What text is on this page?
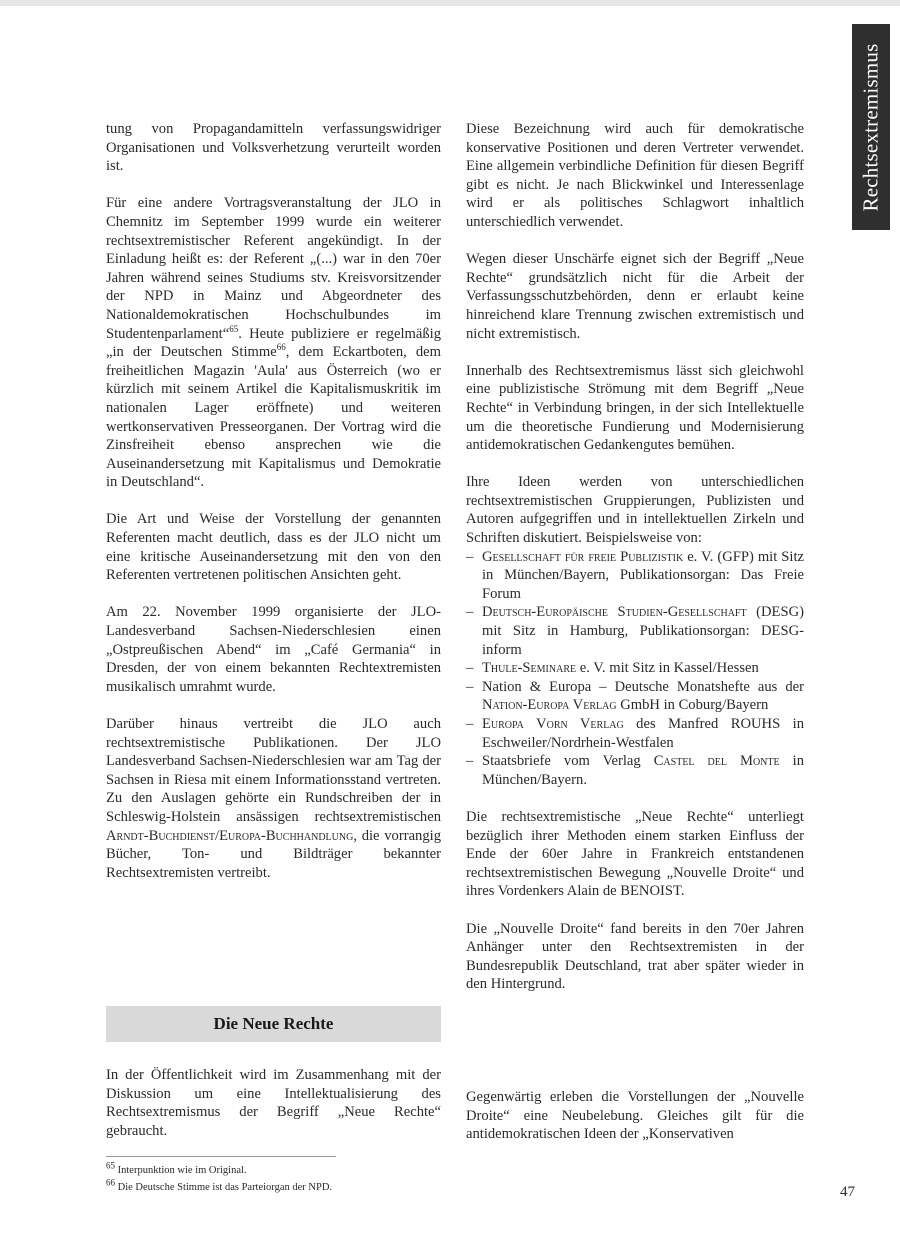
Rechtsextremismus

tung von Propagandamitteln verfassungswidriger Organisationen und Volksverhetzung verurteilt worden ist.

Für eine andere Vortragsveranstaltung der JLO in Chemnitz im September 1999 wurde ein weiterer rechtsextremistischer Referent angekündigt. In der Einladung heißt es: der Referent „(...) war in den 70er Jahren während seines Studiums stv. Kreisvorsitzender der NPD in Mainz und Abgeordneter des Nationaldemokratischen Hochschulbundes im Studentenparlament“$^{65}$. Heute publiziere er regelmäßig „in der Deutschen Stimme$^{66}$, dem Eckartboten, dem freiheitlichen Magazin 'Aula' aus Österreich (wo er kürzlich mit seinem Artikel die Kapitalismuskritik im nationalen Lager eröffnete) und weiteren wertkonservativen Presseorganen. Der Vortrag wird die Zinsfreiheit ebenso ansprechen wie die Auseinandersetzung mit Kapitalismus und Demokratie in Deutschland“.

Die Art und Weise der Vorstellung der genannten Referenten macht deutlich, dass es der JLO nicht um eine kritische Auseinandersetzung mit den von den Referenten vertretenen politischen Ansichten geht.

Am 22. November 1999 organisierte der JLO-Landesverband Sachsen-Niederschlesien einen „Ostpreußischen Abend“ im „Café Germania“ in Dresden, der von einem bekannten Rechtextremisten musikalisch umrahmt wurde.

Darüber hinaus vertreibt die JLO auch rechtsextremistische Publikationen. Der JLO Landesverband Sachsen-Niederschlesien war am Tag der Sachsen in Riesa mit einem Informationsstand vertreten. Zu den Auslagen gehörte ein Rundschreiben der in Schleswig-Holstein ansässigen rechtsextremistischen Arndt-Buchdienst/Europa-Buchhandlung, die vorrangig Bücher, Ton- und Bildträger bekannter Rechtsextremisten vertreibt.

Die Neue Rechte
In der Öffentlichkeit wird im Zusammenhang mit der Diskussion um eine Intellektualisierung des Rechtsextremismus der Begriff „Neue Rechte“ gebraucht.

Diese Bezeichnung wird auch für demokratische konservative Positionen und deren Vertreter verwendet. Eine allgemein verbindliche Definition für diesen Begriff gibt es nicht. Je nach Blickwinkel und Interessenlage wird er als politisches Schlagwort inhaltlich unterschiedlich verwendet.

Wegen dieser Unschärfe eignet sich der Begriff „Neue Rechte“ grundsätzlich nicht für die Arbeit der Verfassungsschutzbehörden, denn er erlaubt keine hinreichend klare Trennung zwischen extremistisch und nicht extremistisch.

Innerhalb des Rechtsextremismus lässt sich gleichwohl eine publizistische Strömung mit dem Begriff „Neue Rechte“ in Verbindung bringen, in der sich Intellektuelle um die theoretische Fundierung und Modernisierung antidemokratischen Gedankengutes bemühen.

Ihre Ideen werden von unterschiedlichen rechtsextremistischen Gruppierungen, Publizisten und Autoren aufgegriffen und in intellektuellen Zirkeln und Schriften diskutiert. Beispielsweise von:

– Gesellschaft für freie Publizistik e. V. (GFP) mit Sitz in München/Bayern, Publikationsorgan: Das Freie Forum
– Deutsch-Europäische Studien-Gesellschaft (DESG) mit Sitz in Hamburg, Publikationsorgan: DESG-inform
– Thule-Seminare e. V. mit Sitz in Kassel/Hessen
– Nation & Europa – Deutsche Monatshefte aus der Nation-Europa Verlag GmbH in Coburg/Bayern
– Europa Vorn Verlag des Manfred ROUHS in Eschweiler/Nordrhein-Westfalen
– Staatsbriefe vom Verlag Castel del Monte in München/Bayern.

Die rechtsextremistische „Neue Rechte“ unterliegt bezüglich ihrer Methoden einem starken Einfluss der Ende der 60er Jahre in Frankreich entstandenen rechtsextremistischen Bewegung „Nouvelle Droite“ und ihres Vordenkers Alain de BENOIST.

Die „Nouvelle Droite“ fand bereits in den 70er Jahren Anhänger unter den Rechtsextremisten in der Bundesrepublik Deutschland, trat aber später wieder in den Hintergrund.

Gegenwärtig erleben die Vorstellungen der „Nouvelle Droite“ eine Neubelebung. Gleiches gilt für die antidemokratischen Ideen der „Konservativen
$^{65}$ Interpunktion wie im Original.
$^{66}$ Die Deutsche Stimme ist das Parteiorgan der NPD.	47
